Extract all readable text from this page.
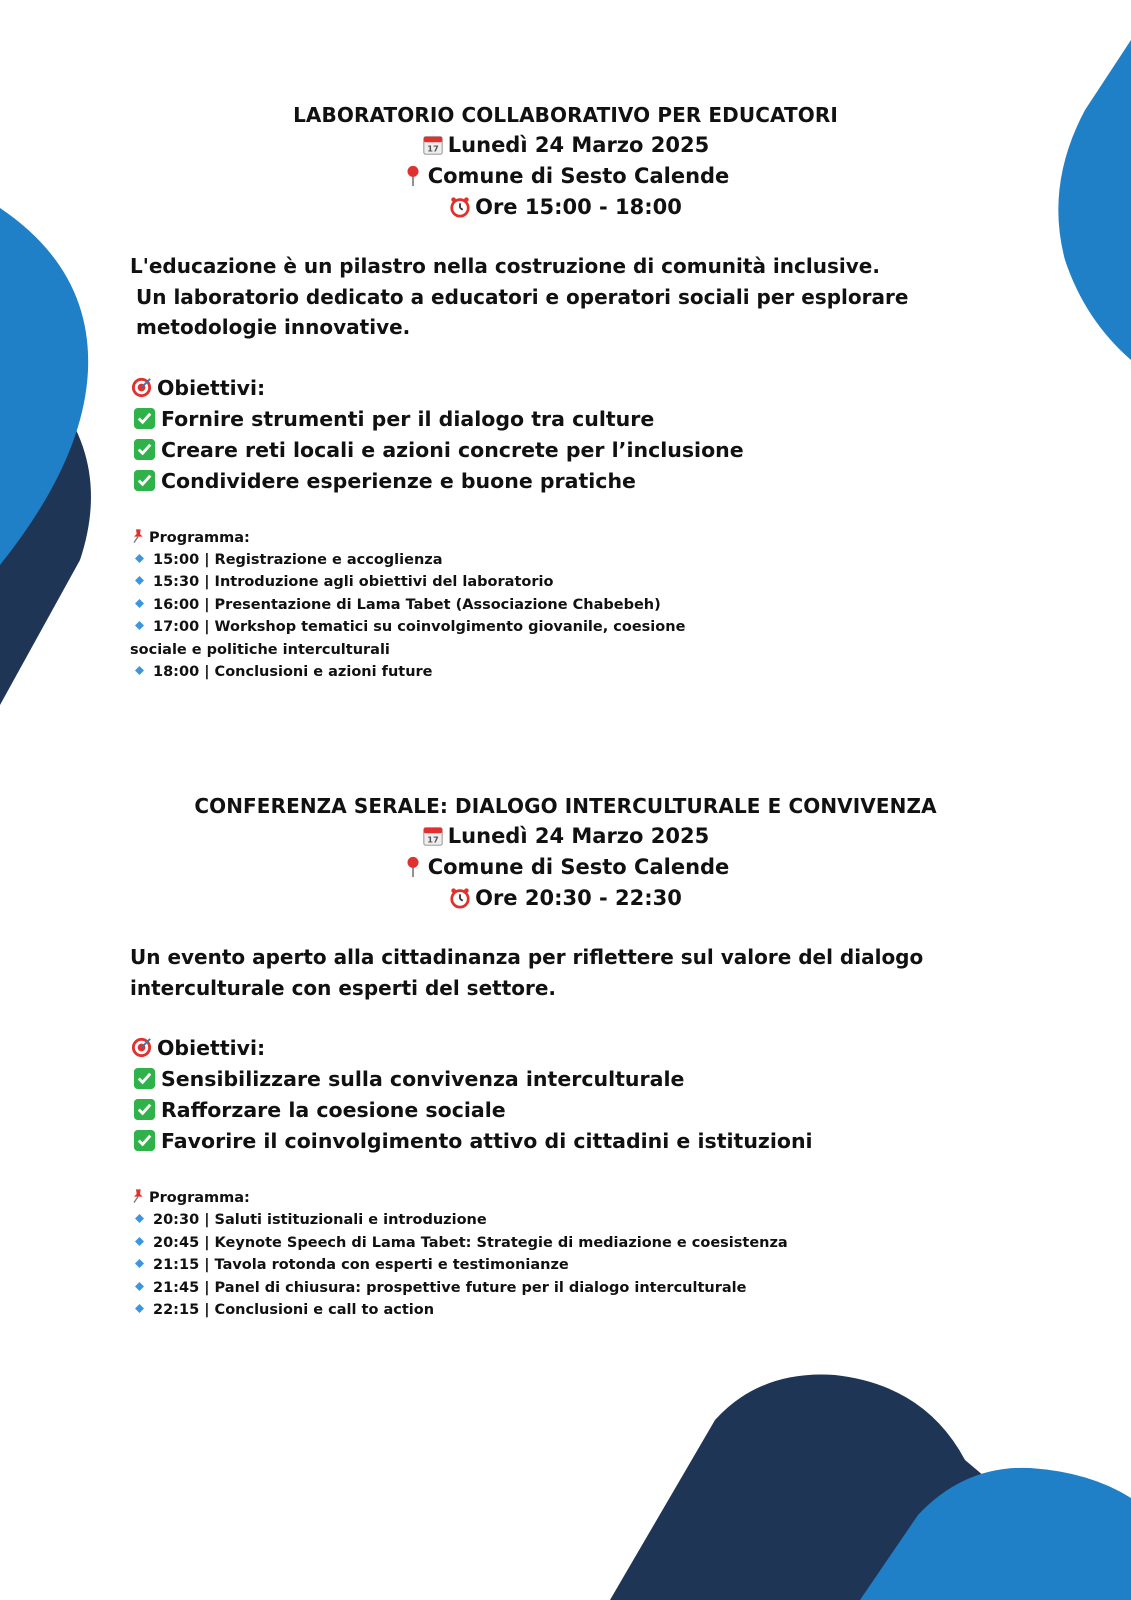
LABORATORIO COLLABORATIVO PER EDUCATORI
17 Lunedì 24 Marzo 2025
Comune di Sesto Calende
Ore 15:00 - 18:00
L'educazione è un pilastro nella costruzione di comunità inclusive.
Un laboratorio dedicato a educatori e operatori sociali per esplorare metodologie innovative.
Obiettivi:
Fornire strumenti per il dialogo tra culture
Creare reti locali e azioni concrete per l’inclusione
Condividere esperienze e buone pratiche
Programma:
15:00 | Registrazione e accoglienza
15:30 | Introduzione agli obiettivi del laboratorio
16:00 | Presentazione di Lama Tabet (Associazione Chabebeh)
17:00 | Workshop tematici su coinvolgimento giovanile, coesione sociale e politiche interculturali
18:00 | Conclusioni e azioni future
CONFERENZA SERALE: DIALOGO INTERCULTURALE E CONVIVENZA
17 Lunedì 24 Marzo 2025
Comune di Sesto Calende
Ore 20:30 - 22:30
Un evento aperto alla cittadinanza per riflettere sul valore del dialogo interculturale con esperti del settore.
Obiettivi:
Sensibilizzare sulla convivenza interculturale
Rafforzare la coesione sociale
Favorire il coinvolgimento attivo di cittadini e istituzioni
Programma:
20:30 | Saluti istituzionali e introduzione
20:45 | Keynote Speech di Lama Tabet: Strategie di mediazione e coesistenza
21:15 | Tavola rotonda con esperti e testimonianze
21:45 | Panel di chiusura: prospettive future per il dialogo interculturale
22:15 | Conclusioni e call to action
